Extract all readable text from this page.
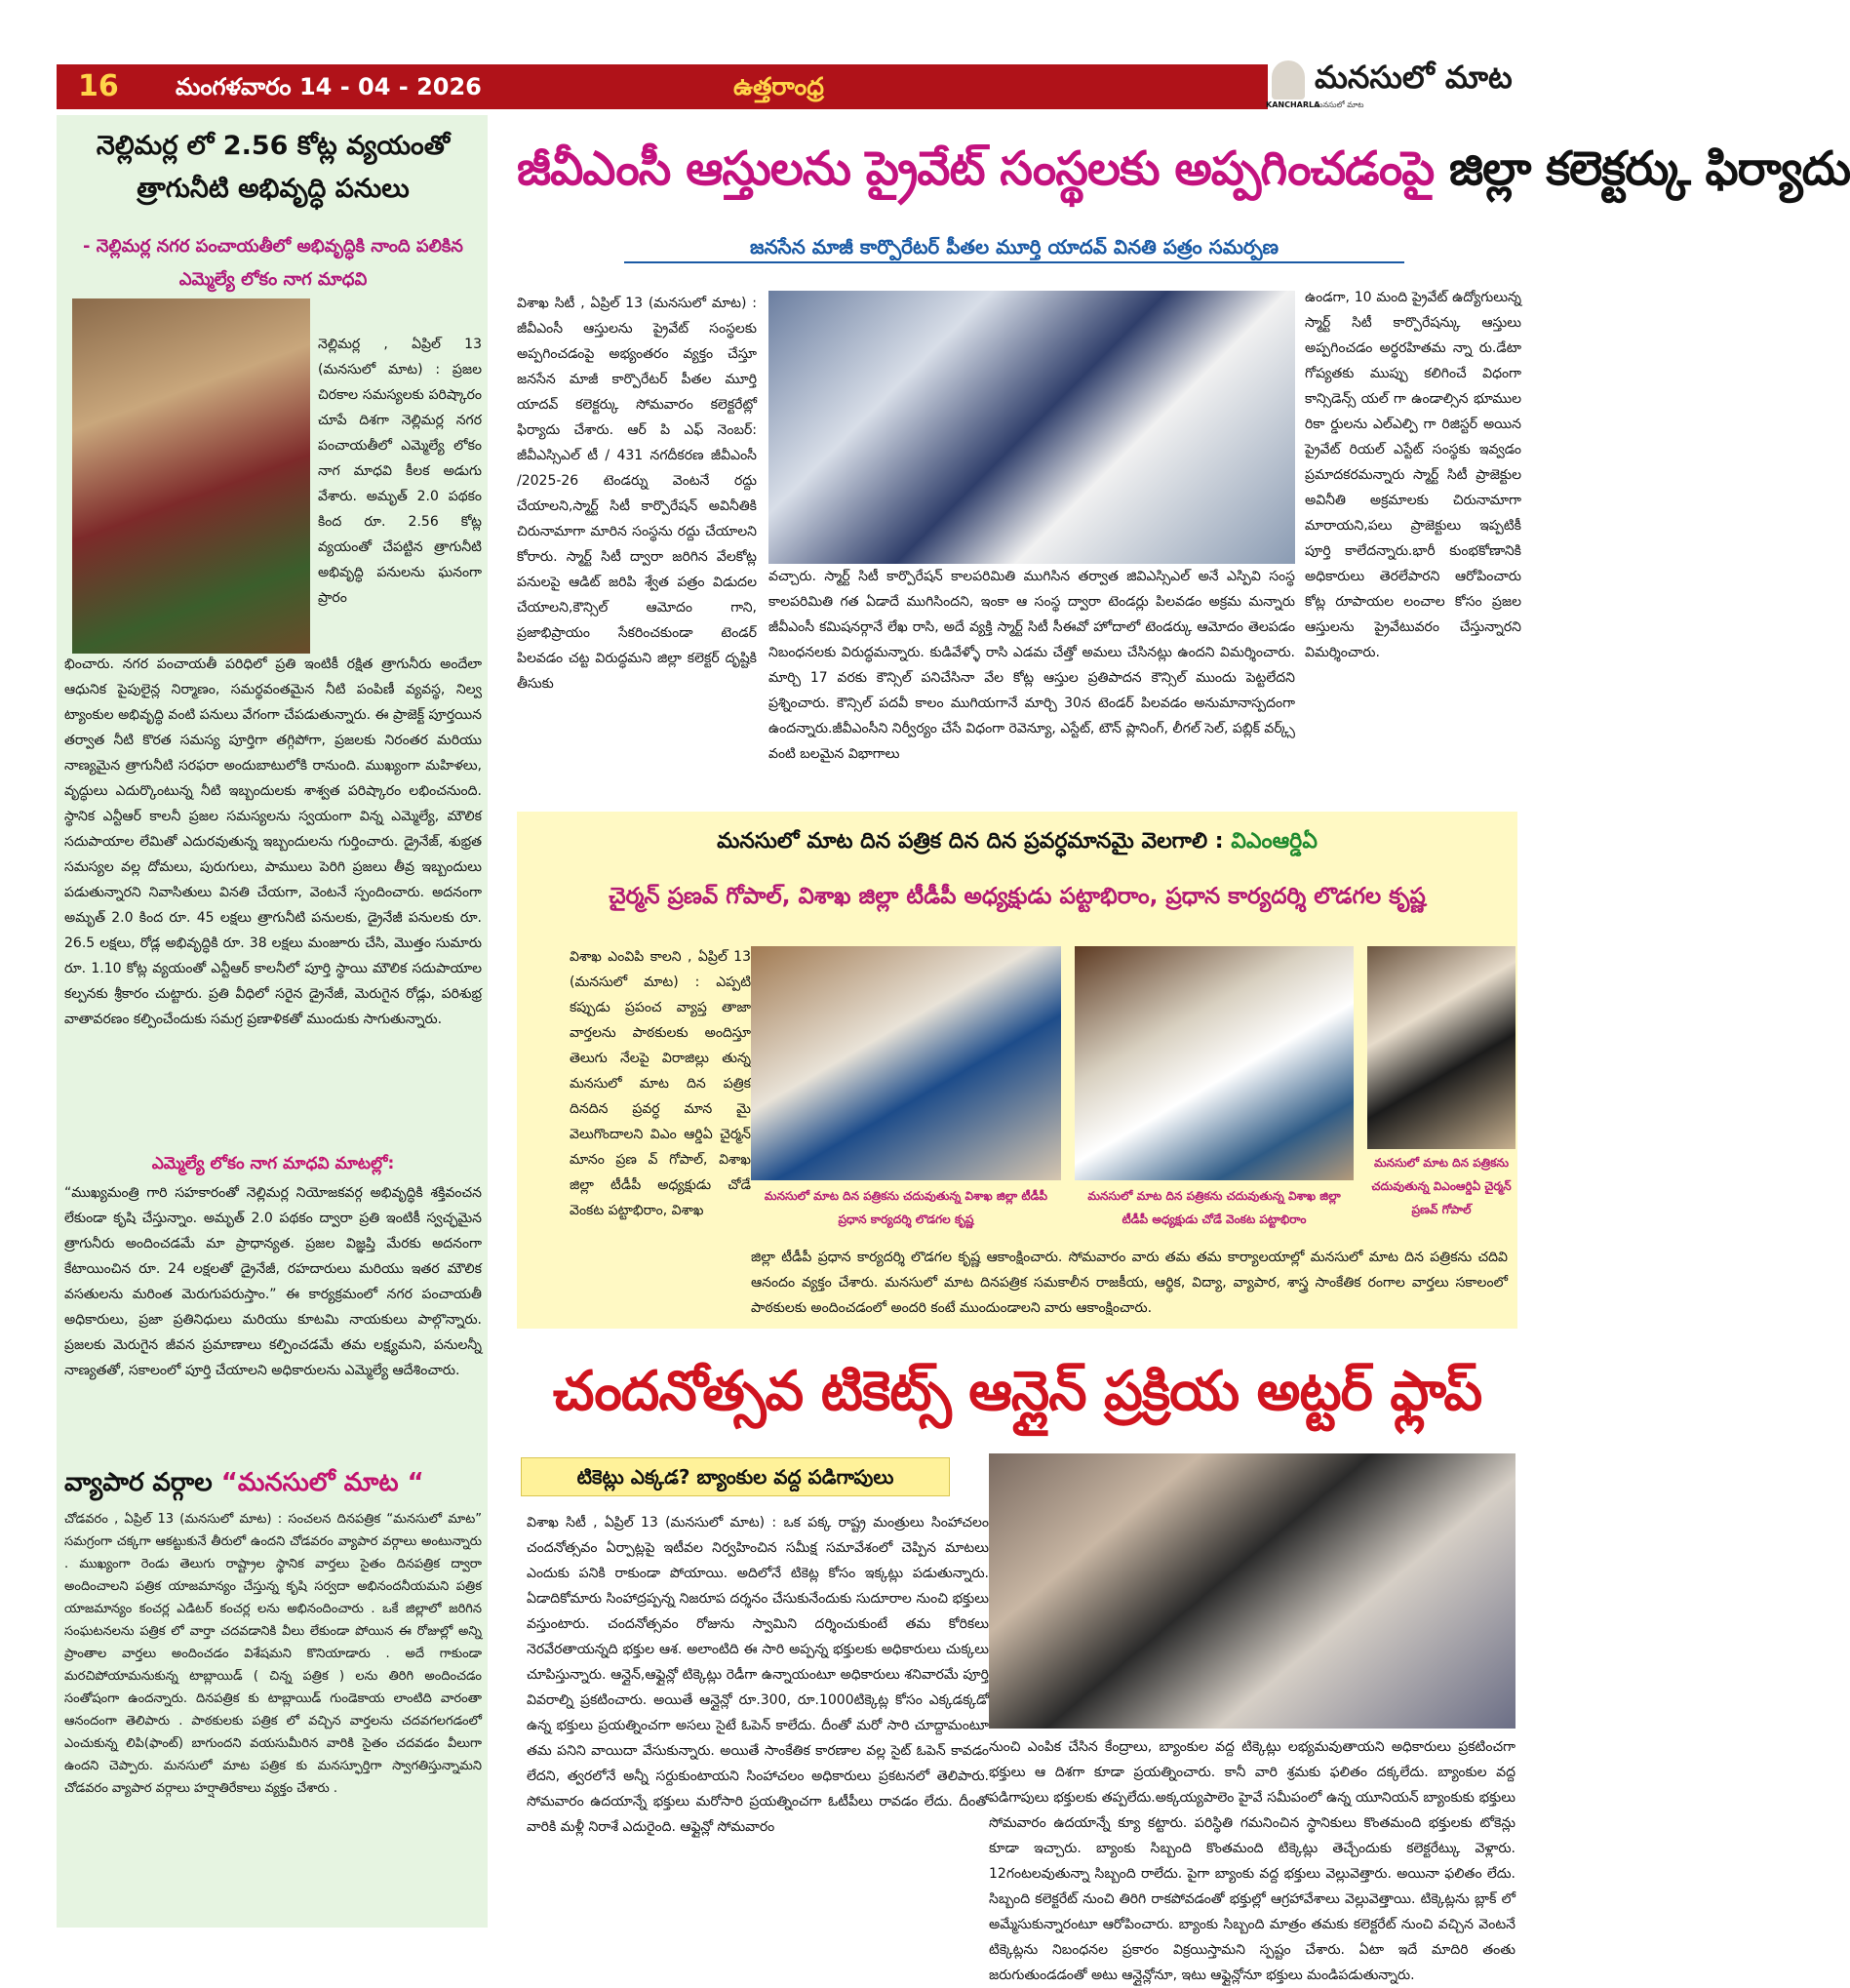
16	మంగళవారం 14 - 04 - 2026	ఉత్తరాంధ్ర
KANCHARLA
మనసులో మాట
మనసులో మాట
నెల్లిమర్ల లో 2.56 కోట్ల వ్యయంతో త్రాగునీటి అభివృద్ధి పనులు
- నెల్లిమర్ల నగర పంచాయతీలో అభివృద్ధికి నాంది పలికిన ఎమ్మెల్యే లోకం నాగ మాధవి
నెల్లిమర్ల , ఏప్రిల్ 13 (మనసులో మాట) : ప్రజల చిరకాల సమస్యలకు పరిష్కారం చూపే దిశగా నెల్లిమర్ల నగర పంచాయతీలో ఎమ్మెల్యే లోకం నాగ మాధవి కీలక అడుగు వేశారు. అమృత్ 2.0 పథకం కింద రూ. 2.56 కోట్ల వ్యయంతో చేపట్టిన త్రాగునీటి అభివృద్ధి పనులను ఘనంగా ప్రారం
భించారు. నగర పంచాయతీ పరిధిలో ప్రతి ఇంటికీ రక్షిత త్రాగునీరు అందేలా ఆధునిక పైపులైన్ల నిర్మాణం, సమర్థవంతమైన నీటి పంపిణీ వ్యవస్థ, నిల్వ ట్యాంకుల అభివృద్ధి వంటి పనులు వేగంగా చేపడుతున్నారు. ఈ ప్రాజెక్ట్ పూర్తయిన తర్వాత నీటి కొరత సమస్య పూర్తిగా తగ్గిపోగా, ప్రజలకు నిరంతర మరియు నాణ్యమైన త్రాగునీటి సరఫరా అందుబాటులోకి రానుంది. ముఖ్యంగా మహిళలు, వృద్ధులు ఎదుర్కొంటున్న నీటి ఇబ్బందులకు శాశ్వత పరిష్కారం లభించనుంది. స్థానిక ఎన్టీఆర్ కాలనీ ప్రజల సమస్యలను స్వయంగా విన్న ఎమ్మెల్యే, మౌలిక సదుపాయాల లేమితో ఎదురవుతున్న ఇబ్బందులను గుర్తించారు. డ్రైనేజ్, శుభ్రత సమస్యల వల్ల దోమలు, పురుగులు, పాములు పెరిగి ప్రజలు తీవ్ర ఇబ్బందులు పడుతున్నారని నివాసితులు వినతి చేయగా, వెంటనే స్పందించారు. అదనంగా అమృత్ 2.0 కింద రూ. 45 లక్షలు త్రాగునీటి పనులకు, డ్రైనేజీ పనులకు రూ. 26.5 లక్షలు, రోడ్ల అభివృద్ధికి రూ. 38 లక్షలు మంజూరు చేసి, మొత్తం సుమారు రూ. 1.10 కోట్ల వ్యయంతో ఎన్టీఆర్ కాలనీలో పూర్తి స్థాయి మౌలిక సదుపాయాల కల్పనకు శ్రీకారం చుట్టారు. ప్రతి వీధిలో సరైన డ్రైనేజీ, మెరుగైన రోడ్లు, పరిశుభ్ర వాతావరణం కల్పించేందుకు సమగ్ర ప్రణాళికతో ముందుకు సాగుతున్నారు.
ఎమ్మెల్యే లోకం నాగ మాధవి మాటల్లో:
“ముఖ్యమంత్రి గారి సహకారంతో నెల్లిమర్ల నియోజకవర్గ అభివృద్ధికి శక్తివంచన లేకుండా కృషి చేస్తున్నాం. అమృత్ 2.0 పథకం ద్వారా ప్రతి ఇంటికీ స్వచ్ఛమైన త్రాగునీరు అందించడమే మా ప్రాధాన్యత. ప్రజల విజ్ఞప్తి మేరకు అదనంగా కేటాయించిన రూ. 24 లక్షలతో డ్రైనేజీ, రహదారులు మరియు ఇతర మౌలిక వసతులను మరింత మెరుగుపరుస్తాం.” ఈ కార్యక్రమంలో నగర పంచాయతీ అధికారులు, ప్రజా ప్రతినిధులు మరియు కూటమి నాయకులు పాల్గొన్నారు. ప్రజలకు మెరుగైన జీవన ప్రమాణాలు కల్పించడమే తమ లక్ష్యమని, పనులన్నీ నాణ్యతతో, సకాలంలో పూర్తి చేయాలని అధికారులను ఎమ్మెల్యే ఆదేశించారు.
వ్యాపార వర్గాల “మనసులో మాట “
చోడవరం , ఏప్రిల్ 13 (మనసులో మాట) : సంచలన దినపత్రిక “మనసులో మాట” సమగ్రంగా చక్కగా ఆకట్టుకునే తీరులో ఉందని చోడవరం వ్యాపార వర్గాలు అంటున్నారు . ముఖ్యంగా రెండు తెలుగు రాష్ట్రాల స్థానిక వార్తలు సైతం దినపత్రిక ద్వారా అందించాలని పత్రిక యాజమాన్యం చేస్తున్న కృషి సర్వదా అభినందనీయమని పత్రిక యాజమాన్యం కంచర్ల ఎడిటర్ కంచర్ల లను అభినందించారు . ఒకే జిల్లాలో జరిగిన సంఘటనలను పత్రిక లో వార్తా చదవడానికి వీలు లేకుండా పోయిన ఈ రోజుల్లో అన్ని ప్రాంతాల వార్తలు అందించడం విశేషమని కొనియాడారు . అదే గాకుండా మరచిపోయామనుకున్న టాబ్లాయిడ్ ( చిన్న పత్రిక ) లను తిరిగి అందించడం సంతోషంగా ఉందన్నారు. దినపత్రిక కు టాబ్లాయిడ్ గుండెకాయ లాంటిది వారంతా ఆనందంగా తెలిపారు . పాఠకులకు పత్రిక లో వచ్చిన వార్తలను చదవగలగడంలో ఎంచుకున్న లిపి(ఫాంట్) బాగుందని వయసుమీరిన వారికి సైతం చదవడం వీలుగా ఉందని చెప్పారు. మనసులో మాట పత్రిక కు మనస్ఫూర్తిగా స్వాగతిస్తున్నామని చోడవరం వ్యాపార వర్గాలు హర్షాతిరేకాలు వ్యక్తం చేశారు .
జీవీఎంసీ ఆస్తులను ప్రైవేట్ సంస్థలకు అప్పగించడంపై జిల్లా కలెక్టర్కు ఫిర్యాదు
జనసేన మాజీ కార్పొరేటర్ పీతల మూర్తి యాదవ్ వినతి పత్రం సమర్పణ
విశాఖ సిటీ , ఏప్రిల్ 13 (మనసులో మాట) : జీవీఎంసీ ఆస్తులను ప్రైవేట్ సంస్థలకు అప్పగించడంపై అభ్యంతరం వ్యక్తం చేస్తూ జనసేన మాజీ కార్పొరేటర్ పీతల మూర్తి యాదవ్ కలెక్టర్కు సోమవారం కలెక్టరేట్లో ఫిర్యాదు చేశారు. ఆర్ పి ఎఫ్ నెంబర్: జీవీఎస్సిఎల్ టీ / 431 నగదీకరణ జీవీఎంసీ /2025-26 టెండర్ను వెంటనే రద్దు చేయాలని,స్మార్ట్ సిటీ కార్పొరేషన్ అవినీతికి చిరునామాగా మారిన సంస్థను రద్దు చేయాలని కోరారు. స్మార్ట్ సిటీ ద్వారా జరిగిన వేలకోట్ల పనులపై ఆడిట్ జరిపి శ్వేత పత్రం విడుదల చేయాలని,కౌన్సిల్ ఆమోదం గాని, ప్రజాభిప్రాయం సేకరించకుండా టెండర్ పిలవడం చట్ట విరుద్ధమని జిల్లా కలెక్టర్ దృష్టికి తీసుకు
వచ్చారు. స్మార్ట్ సిటీ కార్పొరేషన్ కాలపరిమితి ముగిసిన తర్వాత జివిఎస్సిఎల్ అనే ఎస్పివి సంస్థ కాలపరిమితి గత ఏడాదే ముగిసిందని, ఇంకా ఆ సంస్థ ద్వారా టెండర్లు పిలవడం అక్రమ మన్నారు జీవీఎంసీ కమిషనర్గానే లేఖ రాసి, అదే వ్యక్తి స్మార్ట్ సిటీ సీఈవో హోదాలో టెండర్కు ఆమోదం తెలపడం నిబంధనలకు విరుద్ధమన్నారు. కుడివేళ్ళో రాసి ఎడమ చేత్తో అమలు చేసినట్లు ఉందని విమర్శించారు. మార్చి 17 వరకు కౌన్సిల్ పనిచేసినా వేల కోట్ల ఆస్తుల ప్రతిపాదన కౌన్సిల్ ముందు పెట్టలేదని ప్రశ్నించారు. కౌన్సిల్ పదవీ కాలం ముగియగానే మార్చి 30న టెండర్ పిలవడం అనుమానాస్పదంగా ఉందన్నారు.జీవీఎంసీని నిర్వీర్యం చేసే విధంగా రెవెన్యూ, ఎస్టేట్, టౌన్ ప్లానింగ్, లీగల్ సెల్, పబ్లిక్ వర్క్స్ వంటి బలమైన విభాగాలు
ఉండగా, 10 మంది ప్రైవేట్ ఉద్యోగులున్న స్మార్ట్ సిటీ కార్పొరేషన్కు ఆస్తులు అప్పగించడం అర్థరహితమ న్నా రు.డేటా గోప్యతకు ముప్పు కలిగించే విధంగా కాన్సిడెన్స్ యల్ గా ఉండాల్సిన భూముల రికా ర్డులను ఎల్ఎల్పి గా రిజిస్టర్ అయిన ప్రైవేట్ రియల్ ఎస్టేట్ సంస్థకు ఇవ్వడం ప్రమాదకరమన్నారు స్మార్ట్ సిటీ ప్రాజెక్టుల అవినీతి అక్రమాలకు చిరునామాగా మారాయని,పలు ప్రాజెక్టులు ఇప్పటికీ పూర్తి కాలేదన్నారు.భారీ కుంభకోణానికి అధికారులు తెరలేపారని ఆరోపించారు కోట్ల రూపాయల లంచాల కోసం ప్రజల ఆస్తులను ప్రైవేటువరం చేస్తున్నారని విమర్శించారు.
మనసులో మాట దిన పత్రిక దిన దిన ప్రవర్ధమానమై వెలగాలి : విఎంఆర్డిఏ
చైర్మన్ ప్రణవ్ గోపాల్, విశాఖ జిల్లా టీడీపీ అధ్యక్షుడు పట్టాభిరాం, ప్రధాన కార్యదర్శి లొడగల కృష్ణ
విశాఖ ఎంవిపి కాలని , ఏప్రిల్ 13 (మనసులో మాట) : ఎప్పటి కప్పుడు ప్రపంచ వ్యాప్త తాజా వార్తలను పాఠకులకు అందిస్తూ తెలుగు నేలపై విరాజిల్లు తున్న మనసులో మాట దిన పత్రిక దినదిన ప్రవర్ధ మాన మై వెలుగొందాలని విఎం ఆర్డిఏ చైర్మన్ మానం ప్రణ వ్ గోపాల్, విశాఖ జిల్లా టీడీపీ అధ్యక్షుడు చోడే వెంకట పట్టాభిరాం, విశాఖ
మనసులో మాట దిన పత్రికను చదువుతున్న విశాఖ జిల్లా టీడీపీ ప్రధాన కార్యదర్శి లొడగల కృష్ణ
మనసులో మాట దిన పత్రికను చదువుతున్న విశాఖ జిల్లా టీడీపీ అధ్యక్షుడు చోడే వెంకట పట్టాభిరాం
మనసులో మాట దిన పత్రికను చదువుతున్న విఎంఆర్డిఏ చైర్మన్ ప్రణవ్ గోపాల్
జిల్లా టీడీపీ ప్రధాన కార్యదర్శి లొడగల కృష్ణ ఆకాంక్షించారు. సోమవారం వారు తమ తమ కార్యాలయాల్లో మనసులో మాట దిన పత్రికను చదివి ఆనందం వ్యక్తం చేశారు. మనసులో మాట దినపత్రిక సమకాలీన రాజకీయ, ఆర్థిక, విద్యా, వ్యాపార, శాస్త్ర సాంకేతిక రంగాల వార్తలు సకాలంలో పాఠకులకు అందించడంలో అందరి కంటే ముందుండాలని వారు ఆకాంక్షించారు.
చందనోత్సవ టికెట్స్ ఆన్లైన్ ప్రక్రియ అట్టర్ ఫ్లాప్
టికెట్లు ఎక్కడ? బ్యాంకుల వద్ద పడిగాపులు
విశాఖ సిటీ , ఏప్రిల్ 13 (మనసులో మాట) : ఒక పక్క రాష్ట్ర మంత్రులు సింహాచలం చందనోత్సవం ఏర్పాట్లపై ఇటీవల నిర్వహించిన సమీక్ష సమావేశంలో చెప్పిన మాటలు ఎందుకు పనికి రాకుండా పోయాయి. అదిలోనే టికెట్ల కోసం ఇక్కట్లు పడుతున్నారు. ఏడాదికోమారు సింహాద్రప్పన్న నిజరూప దర్శనం చేసుకునేందుకు సుదూరాల నుంచి భక్తులు వస్తుంటారు. చందనోత్సవం రోజును స్వామిని దర్శించుకుంటే తమ కోరికలు నెరవేరతాయన్నది భక్తుల ఆశ. అలాంటిది ఈ సారి అప్పన్న భక్తులకు అధికారులు చుక్కలు చూపిస్తున్నారు. ఆన్లైన్,ఆఫ్లైన్లో టిక్కెట్లు రెడీగా ఉన్నాయంటూ అధికారులు శనివారమే పూర్తి వివరాల్ని ప్రకటించారు. అయితే ఆన్లైన్లో రూ.300, రూ.1000టిక్కెట్ల కోసం ఎక్కడక్కడో ఉన్న భక్తులు ప్రయత్నించగా అసలు సైటే ఓపెన్ కాలేదు. దీంతో మరో సారి చూద్దామంటూ తమ పనిని వాయిదా వేసుకున్నారు. అయితే సాంకేతిక కారణాల వల్ల సైట్ ఓపెన్ కావడం లేదని, త్వరలోనే అన్నీ సర్దుకుంటాయని సింహాచలం అధికారులు ప్రకటనలో తెలిపారు. సోమవారం ఉదయాన్నే భక్తులు మరోసారి ప్రయత్నించగా ఓటీపీలు రావడం లేదు. దీంతో వారికి మళ్లీ నిరాశే ఎదురైంది. ఆఫ్లైన్లో సోమవారం
నుంచి ఎంపిక చేసిన కేంద్రాలు, బ్యాంకుల వద్ద టిక్కెట్లు లభ్యమవుతాయని అధికారులు ప్రకటించగా భక్తులు ఆ దిశగా కూడా ప్రయత్నించారు. కానీ వారి శ్రమకు ఫలితం దక్కలేదు. బ్యాంకుల వద్ద పడిగాపులు భక్తులకు తప్పలేదు.అక్కయ్యపాలెం హైవే సమీపంలో ఉన్న యూనియన్ బ్యాంకుకు భక్తులు సోమవారం ఉదయాన్నే క్యూ కట్టారు. పరిస్థితి గమనించిన స్థానికులు కొంతమంది భక్తులకు టోకెన్లు కూడా ఇచ్చారు. బ్యాంకు సిబ్బంది కొంతమంది టిక్కెట్లు తెచ్చేందుకు కలెక్టరేట్కు వెళ్లారు. 12గంటలవుతున్నా సిబ్బంది రాలేదు. పైగా బ్యాంకు వద్ద భక్తులు వెల్లువెత్తారు. అయినా ఫలితం లేదు. సిబ్బంది కలెక్టరేట్ నుంచి తిరిగి రాకపోవడంతో భక్తుల్లో ఆగ్రహావేశాలు వెల్లువెత్తాయి. టిక్కెట్లను బ్లాక్ లో అమ్మేసుకున్నారంటూ ఆరోపించారు. బ్యాంకు సిబ్బంది మాత్రం తమకు కలెక్టరేట్ నుంచి వచ్చిన వెంటనే టిక్కెట్లను నిబంధనల ప్రకారం విక్రయిస్తామని స్పష్టం చేశారు. ఏటా ఇదే మాదిరి తంతు జరుగుతుండడంతో అటు ఆన్లైన్లోనూ, ఇటు ఆఫ్లైన్లోనూ భక్తులు మండిపడుతున్నారు.
